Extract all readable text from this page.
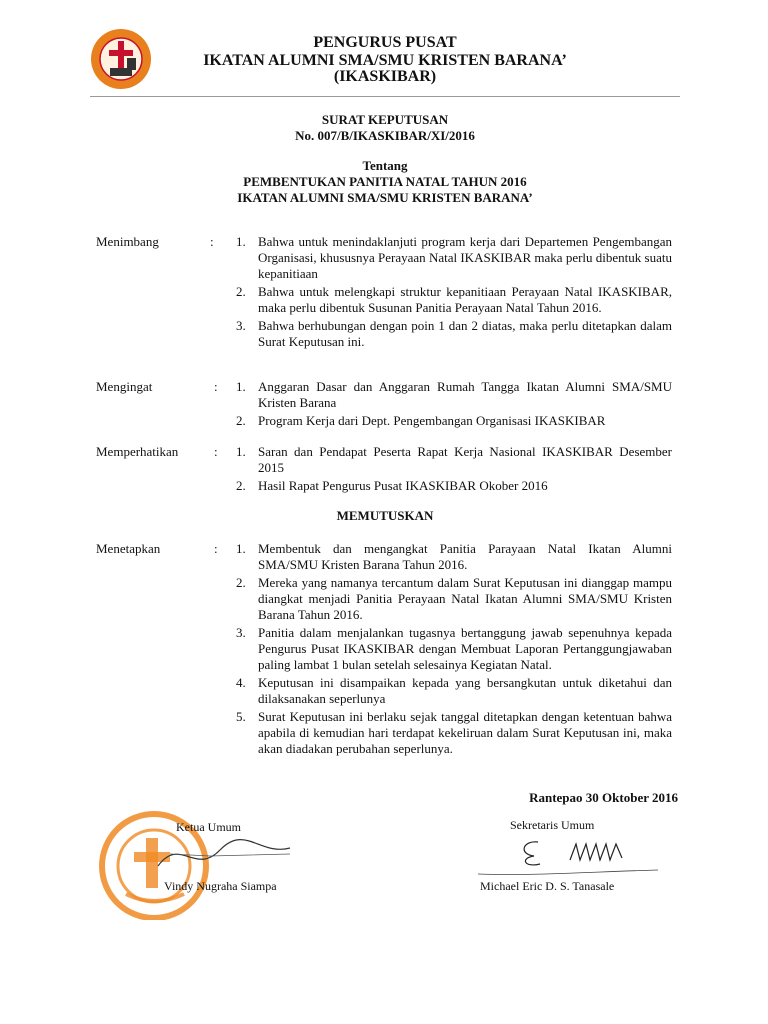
PENGURUS PUSAT
IKATAN ALUMNI SMA/SMU KRISTEN BARANA’
(IKASKIBAR)
SURAT KEPUTUSAN
No. 007/B/IKASKIBAR/XI/2016
Tentang
PEMBENTUKAN PANITIA NATAL TAHUN 2016
IKATAN ALUMNI SMA/SMU KRISTEN BARANA’
Menimbang	: 1. Bahwa untuk menindaklanjuti program kerja dari Departemen Pengembangan Organisasi, khususnya Perayaan Natal IKASKIBAR maka perlu dibentuk suatu kepanitiaan
2. Bahwa untuk melengkapi struktur kepanitiaan Perayaan Natal IKASKIBAR, maka perlu dibentuk Susunan Panitia Perayaan Natal Tahun 2016.
3. Bahwa berhubungan dengan poin 1 dan 2 diatas, maka perlu ditetapkan dalam Surat Keputusan ini.
Mengingat	: 1. Anggaran Dasar dan Anggaran Rumah Tangga Ikatan Alumni SMA/SMU Kristen Barana
2. Program Kerja dari Dept. Pengembangan Organisasi IKASKIBAR
Memperhatikan	: 1. Saran dan Pendapat Peserta Rapat Kerja Nasional IKASKIBAR Desember 2015
2. Hasil Rapat Pengurus Pusat IKASKIBAR Okober 2016
MEMUTUSKAN
Menetapkan	: 1. Membentuk dan mengangkat Panitia Parayaan Natal Ikatan Alumni SMA/SMU Kristen Barana Tahun 2016.
2. Mereka yang namanya tercantum dalam Surat Keputusan ini dianggap mampu diangkat menjadi Panitia Perayaan Natal Ikatan Alumni SMA/SMU Kristen Barana Tahun 2016.
3. Panitia dalam menjalankan tugasnya bertanggung jawab sepenuhnya kepada Pengurus Pusat IKASKIBAR dengan Membuat Laporan Pertanggungjawaban paling lambat 1 bulan setelah selesainya Kegiatan Natal.
4. Keputusan ini disampaikan kepada yang bersangkutan untuk diketahui dan dilaksanakan seperlunya
5. Surat Keputusan ini berlaku sejak tanggal ditetapkan dengan ketentuan bahwa apabila di kemudian hari terdapat kekeliruan dalam Surat Keputusan ini, maka akan diadakan perubahan seperlunya.
Rantepao 30 Oktober 2016
Ketua Umum
Vindy Nugraha Siampa
Sekretaris Umum
Michael Eric D. S. Tanasale
